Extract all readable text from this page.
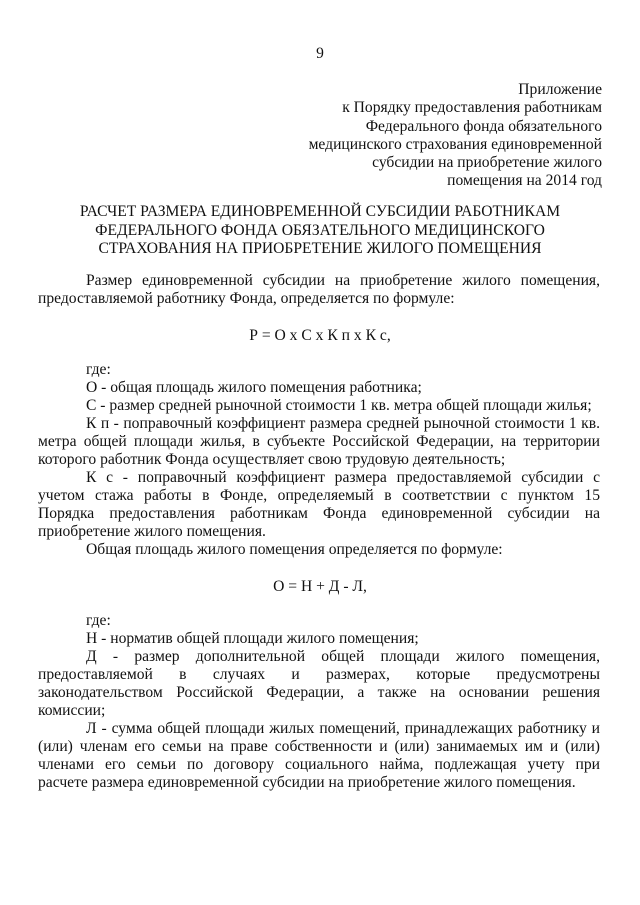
9
Приложение
к Порядку предоставления работникам
Федерального фонда обязательного
медицинского страхования единовременной
субсидии на приобретение жилого
помещения на 2014 год
РАСЧЕТ РАЗМЕРА ЕДИНОВРЕМЕННОЙ СУБСИДИИ РАБОТНИКАМ
ФЕДЕРАЛЬНОГО ФОНДА ОБЯЗАТЕЛЬНОГО МЕДИЦИНСКОГО
СТРАХОВАНИЯ НА ПРИОБРЕТЕНИЕ ЖИЛОГО ПОМЕЩЕНИЯ
Размер единовременной субсидии на приобретение жилого помещения,
предоставляемой работнику Фонда, определяется по формуле:
Р = О х С х К п х К с,
где:
О - общая площадь жилого помещения работника;
С - размер средней рыночной стоимости 1 кв. метра общей площади жилья;
К п - поправочный коэффициент размера средней рыночной стоимости 1 кв.
метра общей площади жилья, в субъекте Российской Федерации, на территории
которого работник Фонда осуществляет свою трудовую деятельность;
К с - поправочный коэффициент размера предоставляемой субсидии с
учетом стажа работы в Фонде, определяемый в соответствии с пунктом 15
Порядка предоставления работникам Фонда единовременной субсидии на
приобретение жилого помещения.
Общая площадь жилого помещения определяется по формуле:
О = Н + Д - Л,
где:
Н - норматив общей площади жилого помещения;
Д - размер дополнительной общей площади жилого помещения,
предоставляемой в случаях и размерах, которые предусмотрены
законодательством Российской Федерации, а также на основании решения
комиссии;
Л - сумма общей площади жилых помещений, принадлежащих работнику и
(или) членам его семьи на праве собственности и (или) занимаемых им и (или)
членами его семьи по договору социального найма, подлежащая учету при
расчете размера единовременной субсидии на приобретение жилого помещения.
